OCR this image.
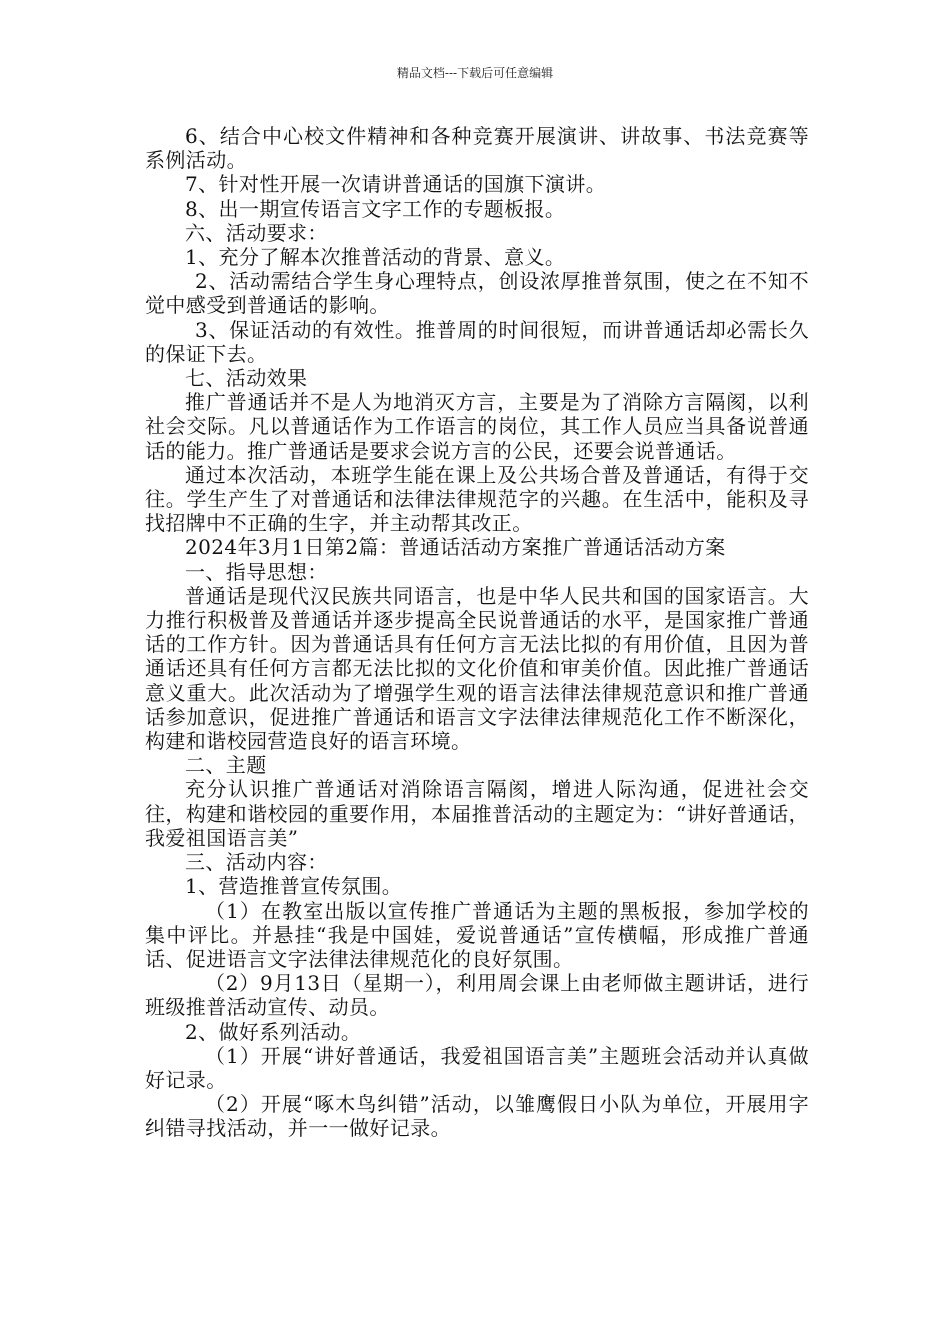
精品文档---下载后可任意编辑

6、结合中心校文件精神和各种竞赛开展演讲、讲故事、书法竞赛等系例活动。

7、针对性开展一次请讲普通话的国旗下演讲。

8、出一期宣传语言文字工作的专题板报。

六、活动要求：

1、充分了解本次推普活动的背景、意义。

2、活动需结合学生身心理特点，创设浓厚推普氛围，使之在不知不觉中感受到普通话的影响。

3、保证活动的有效性。推普周的时间很短，而讲普通话却必需长久的保证下去。

七、活动效果

推广普通话并不是人为地消灭方言，主要是为了消除方言隔阂，以利社会交际。凡以普通话作为工作语言的岗位，其工作人员应当具备说普通话的能力。推广普通话是要求会说方言的公民，还要会说普通话。

通过本次活动，本班学生能在课上及公共场合普及普通话，有得于交往。学生产生了对普通话和法律法律规范字的兴趣。在生活中，能积及寻找招牌中不正确的生字，并主动帮其改正。

2024年3月1日第2篇：普通话活动方案推广普通话活动方案

一、指导思想：

普通话是现代汉民族共同语言，也是中华人民共和国的国家语言。大力推行积极普及普通话并逐步提高全民说普通话的水平，是国家推广普通话的工作方针。因为普通话具有任何方言无法比拟的有用价值，且因为普通话还具有任何方言都无法比拟的文化价值和审美价值。因此推广普通话意义重大。此次活动为了增强学生观的语言法律法律规范意识和推广普通话参加意识，促进推广普通话和语言文字法律法律规范化工作不断深化，构建和谐校园营造良好的语言环境。

二、主题

充分认识推广普通话对消除语言隔阂，增进人际沟通，促进社会交往，构建和谐校园的重要作用，本届推普活动的主题定为：“讲好普通话，我爱祖国语言美”

三、活动内容：

1、营造推普宣传氛围。

（1）在教室出版以宣传推广普通话为主题的黑板报，参加学校的集中评比。并悬挂“我是中国娃，爱说普通话”宣传横幅，形成推广普通话、促进语言文字法律法律规范化的良好氛围。

（2）9月13日（星期一），利用周会课上由老师做主题讲话，进行班级推普活动宣传、动员。

2、做好系列活动。

（1）开展“讲好普通话，我爱祖国语言美”主题班会活动并认真做好记录。

（2）开展“啄木鸟纠错”活动，以雏鹰假日小队为单位，开展用字纠错寻找活动，并一一做好记录。
